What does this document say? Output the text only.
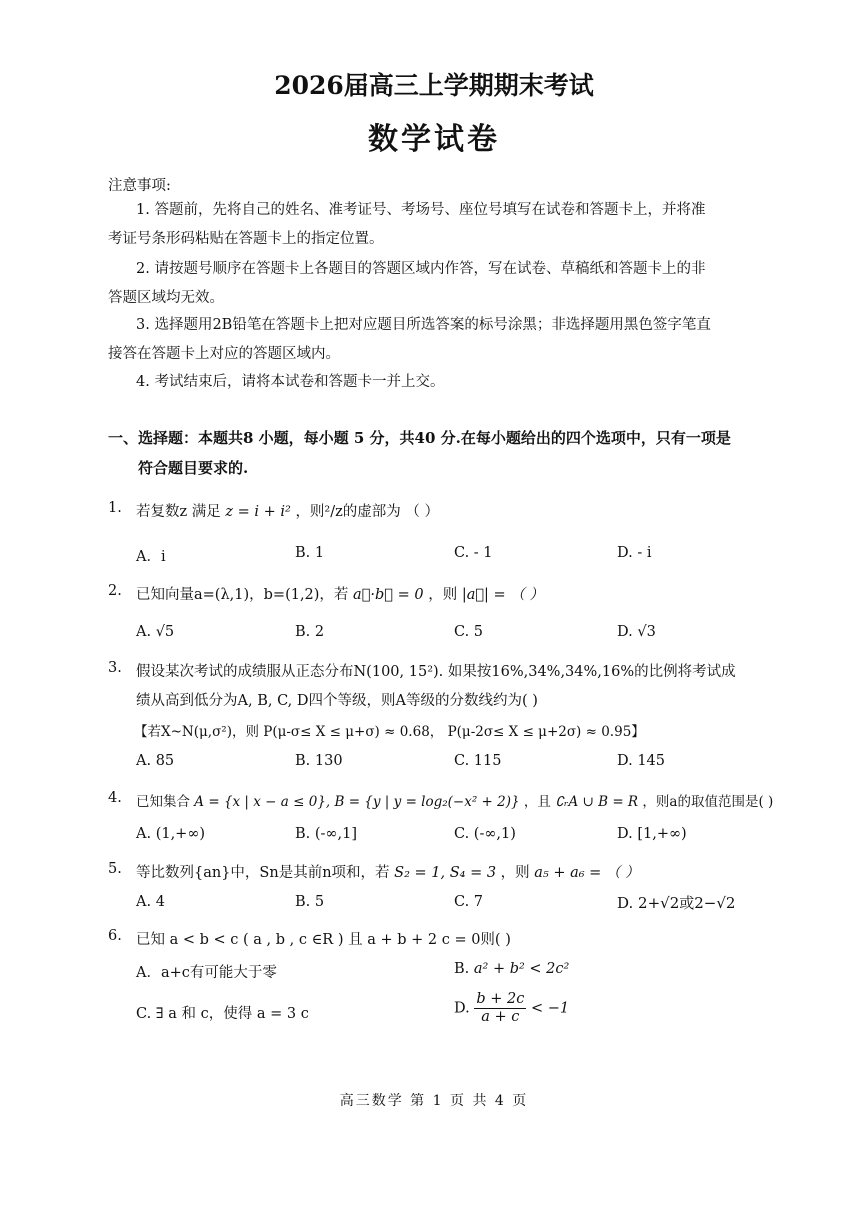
2026届高三上学期期末考试
数学试卷
注意事项:
1. 答题前，先将自己的姓名、准考证号、考场号、座位号填写在试卷和答题卡上，并将准
考证号条形码粘贴在答题卡上的指定位置。
2. 请按题号顺序在答题卡上各题目的答题区域内作答，写在试卷、草稿纸和答题卡上的非
答题区域均无效。
3. 选择题用2B铅笔在答题卡上把对应题目所选答案的标号涂黑；非选择题用黑色签字笔直
接答在答题卡上对应的答题区域内。
4. 考试结束后，请将本试卷和答题卡一并上交。
一、选择题：本题共8 小题，每小题 5 分，共40 分.在每小题给出的四个选项中，只有一项是
符合题目要求的.
1. 若复数z 满足 z = i + i² ，则²/z的虚部为 （ ）
A．i	B. 1	C. - 1	D. - i
2. 已知向量a=(λ,1)，b=(1,2)，若 a⃗·b⃗ = 0 ，则 |a⃗| = （ ）
A. √5	B. 2	C. 5	D. √3
3. 假设某次考试的成绩服从正态分布N(100, 15²). 如果按16%,34%,34%,16%的比例将考试成
绩从高到低分为A, B, C, D四个等级，则A等级的分数线约为( )
【若X~N(μ,σ²)，则 P(μ-σ≤ X ≤ μ+σ) ≈ 0.68， P(μ-2σ≤ X ≤ μ+2σ) ≈ 0.95】
A. 85	B. 130	C. 115	D. 145
4. 已知集合 A = {x | x − a ≤ 0}, B = {y | y = log₂(−x² + 2)} ，且 ∁ᵣA ∪ B = R ，则a的取值范围是( )
A. (1,+∞)	B. (-∞,1]	C. (-∞,1)	D. [1,+∞)
5. 等比数列{an}中，Sn是其前n项和，若 S₂ = 1, S₄ = 3 ，则 a₅ + a₆ = （ ）
A. 4	B. 5	C. 7	D. 2+√2或2−√2
6. 已知 a < b < c ( a , b , c ∈R ) 且 a + b + 2 c = 0则( )
A．a+c有可能大于零	B. a² + b² < 2c²
C. ∃ a 和 c，使得 a = 3 c	D. $\frac{b + 2c}{a + c} < -1$
高三数学 第 1 页 共 4 页
